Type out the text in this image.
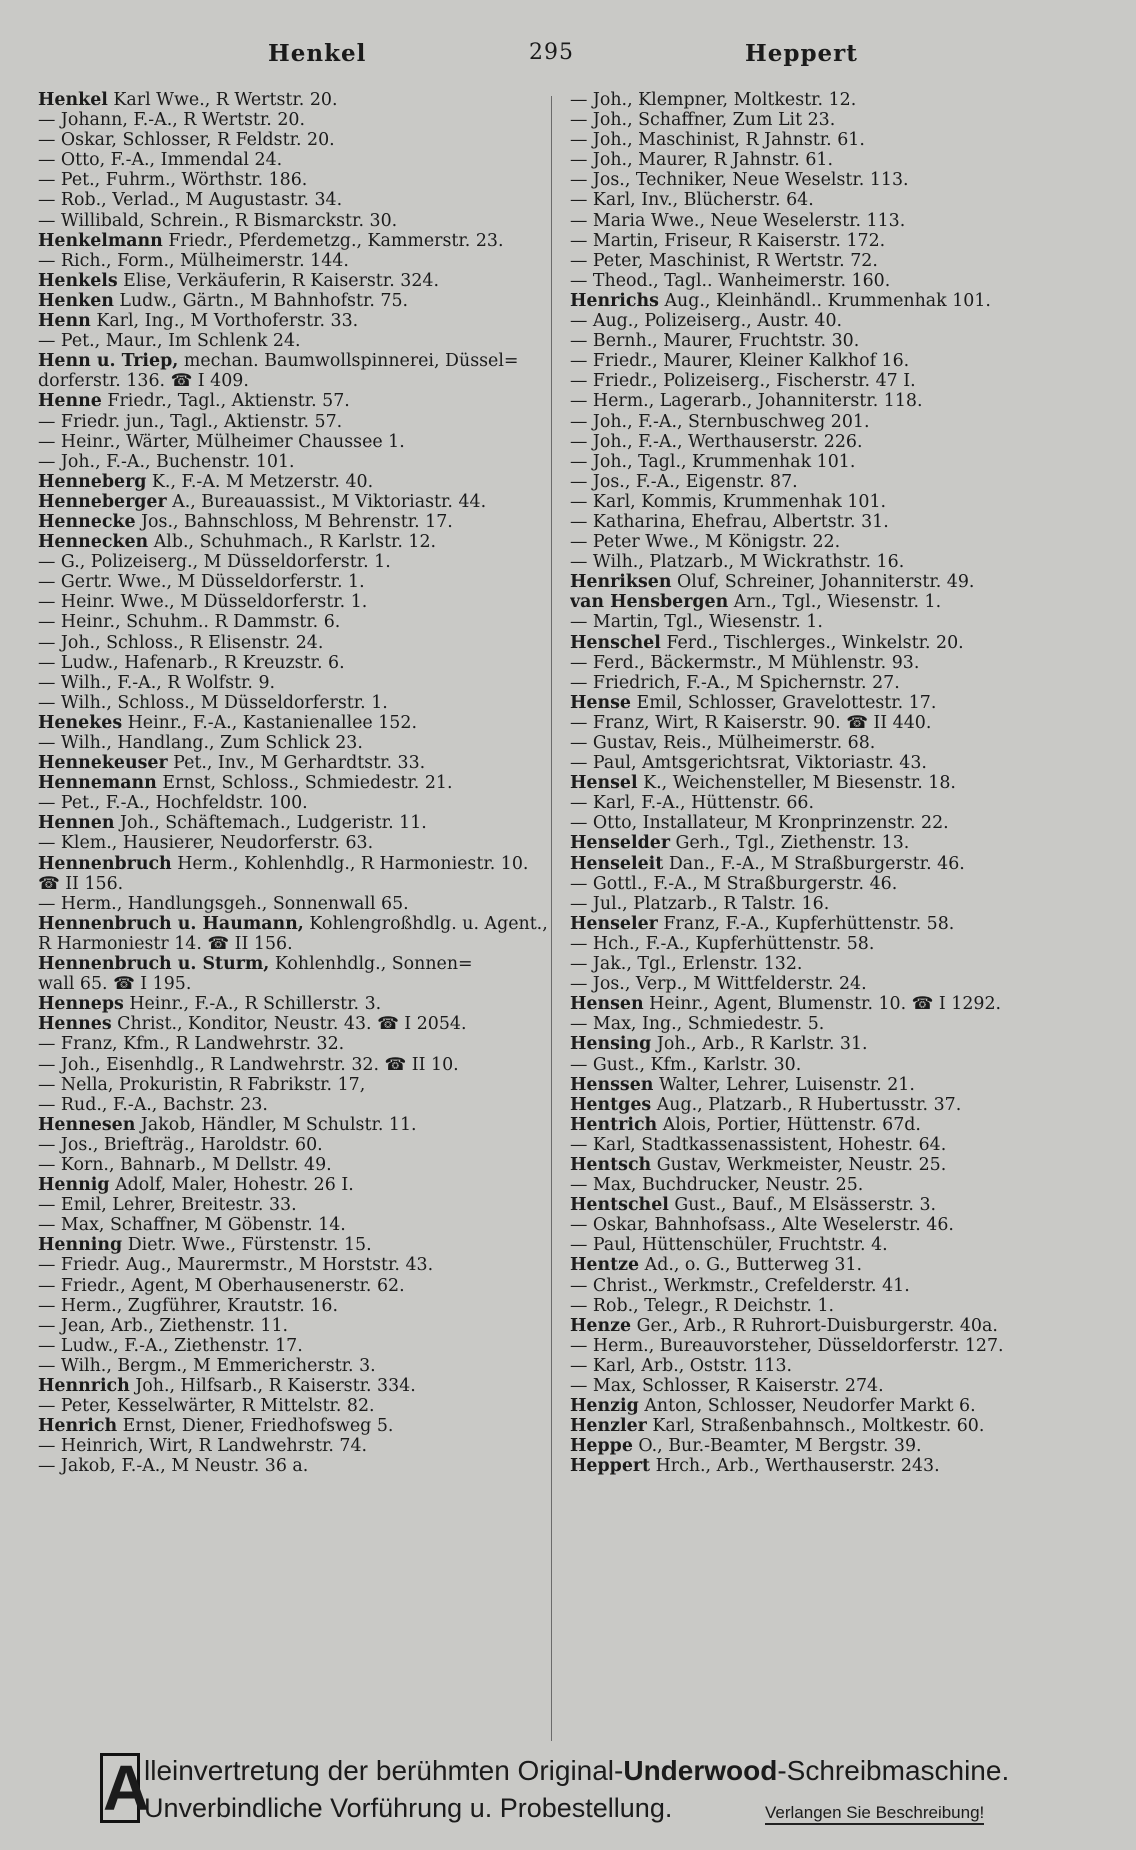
Henkel	295	Heppert
Henkel Karl Wwe., R Wertstr. 20.
— Johann, F.-A., R Wertstr. 20.
— Oskar, Schlosser, R Feldstr. 20.
— Otto, F.-A., Immendal 24.
— Pet., Fuhrm., Wörthstr. 186.
— Rob., Verlad., M Augustastr. 34.
— Willibald, Schrein., R Bismarckstr. 30.
Henkelmann Friedr., Pferdemetzg., Kammerstr. 23.
— Rich., Form., Mülheimerstr. 144.
Henkels Elise, Verkäuferin, R Kaiserstr. 324.
Henken Ludw., Gärtn., M Bahnhofstr. 75.
Henn Karl, Ing., M Vorthoferstr. 33.
— Pet., Maur., Im Schlenk 24.
Henn u. Triep, mechan. Baumwollspinnerei, Düssel=
dorferstr. 136. ☎ I 409.
Henne Friedr., Tagl., Aktienstr. 57.
— Friedr. jun., Tagl., Aktienstr. 57.
— Heinr., Wärter, Mülheimer Chaussee 1.
— Joh., F.-A., Buchenstr. 101.
Henneberg K., F.-A. M Metzerstr. 40.
Henneberger A., Bureauassist., M Viktoriastr. 44.
Hennecke Jos., Bahnschloss, M Behrenstr. 17.
Hennecken Alb., Schuhmach., R Karlstr. 12.
— G., Polizeiserg., M Düsseldorferstr. 1.
— Gertr. Wwe., M Düsseldorferstr. 1.
— Heinr. Wwe., M Düsseldorferstr. 1.
— Heinr., Schuhm.. R Dammstr. 6.
— Joh., Schloss., R Elisenstr. 24.
— Ludw., Hafenarb., R Kreuzstr. 6.
— Wilh., F.-A., R Wolfstr. 9.
— Wilh., Schloss., M Düsseldorferstr. 1.
Henekes Heinr., F.-A., Kastanienallee 152.
— Wilh., Handlang., Zum Schlick 23.
Hennekeuser Pet., Inv., M Gerhardtstr. 33.
Hennemann Ernst, Schloss., Schmiedestr. 21.
— Pet., F.-A., Hochfeldstr. 100.
Hennen Joh., Schäftemach., Ludgeristr. 11.
— Klem., Hausierer, Neudorferstr. 63.
Hennenbruch Herm., Kohlenhdlg., R Harmoniestr. 10.
☎ II 156.
— Herm., Handlungsgeh., Sonnenwall 65.
Hennenbruch u. Haumann, Kohlengroßhdlg. u. Agent.,
R Harmoniestr 14. ☎ II 156.
Hennenbruch u. Sturm, Kohlenhdlg., Sonnen=
wall 65. ☎ I 195.
Henneps Heinr., F.-A., R Schillerstr. 3.
Hennes Christ., Konditor, Neustr. 43. ☎ I 2054.
— Franz, Kfm., R Landwehrstr. 32.
— Joh., Eisenhdlg., R Landwehrstr. 32. ☎ II 10.
— Nella, Prokuristin, R Fabrikstr. 17,
— Rud., F.-A., Bachstr. 23.
Hennesen Jakob, Händler, M Schulstr. 11.
— Jos., Briefträg., Haroldstr. 60.
— Korn., Bahnarb., M Dellstr. 49.
Hennig Adolf, Maler, Hohestr. 26 I.
— Emil, Lehrer, Breitestr. 33.
— Max, Schaffner, M Göbenstr. 14.
Henning Dietr. Wwe., Fürstenstr. 15.
— Friedr. Aug., Maurermstr., M Horststr. 43.
— Friedr., Agent, M Oberhausenerstr. 62.
— Herm., Zugführer, Krautstr. 16.
— Jean, Arb., Ziethenstr. 11.
— Ludw., F.-A., Ziethenstr. 17.
— Wilh., Bergm., M Emmericherstr. 3.
Hennrich Joh., Hilfsarb., R Kaiserstr. 334.
— Peter, Kesselwärter, R Mittelstr. 82.
Henrich Ernst, Diener, Friedhofsweg 5.
— Heinrich, Wirt, R Landwehrstr. 74.
— Jakob, F.-A., M Neustr. 36 a.
— Joh., Klempner, Moltkestr. 12.
— Joh., Schaffner, Zum Lit 23.
— Joh., Maschinist, R Jahnstr. 61.
— Joh., Maurer, R Jahnstr. 61.
— Jos., Techniker, Neue Weselstr. 113.
— Karl, Inv., Blücherstr. 64.
— Maria Wwe., Neue Weselerstr. 113.
— Martin, Friseur, R Kaiserstr. 172.
— Peter, Maschinist, R Wertstr. 72.
— Theod., Tagl.. Wanheimerstr. 160.
Henrichs Aug., Kleinhändl.. Krummenhak 101.
— Aug., Polizeiserg., Austr. 40.
— Bernh., Maurer, Fruchtstr. 30.
— Friedr., Maurer, Kleiner Kalkhof 16.
— Friedr., Polizeiserg., Fischerstr. 47 I.
— Herm., Lagerarb., Johanniterstr. 118.
— Joh., F.-A., Sternbuschweg 201.
— Joh., F.-A., Werthauserstr. 226.
— Joh., Tagl., Krummenhak 101.
— Jos., F.-A., Eigenstr. 87.
— Karl, Kommis, Krummenhak 101.
— Katharina, Ehefrau, Albertstr. 31.
— Peter Wwe., M Königstr. 22.
— Wilh., Platzarb., M Wickrathstr. 16.
Henriksen Oluf, Schreiner, Johanniterstr. 49.
van Hensbergen Arn., Tgl., Wiesenstr. 1.
— Martin, Tgl., Wiesenstr. 1.
Henschel Ferd., Tischlerges., Winkelstr. 20.
— Ferd., Bäckermstr., M Mühlenstr. 93.
— Friedrich, F.-A., M Spichernstr. 27.
Hense Emil, Schlosser, Gravelottestr. 17.
— Franz, Wirt, R Kaiserstr. 90. ☎ II 440.
— Gustav, Reis., Mülheimerstr. 68.
— Paul, Amtsgerichtsrat, Viktoriastr. 43.
Hensel K., Weichensteller, M Biesenstr. 18.
— Karl, F.-A., Hüttenstr. 66.
— Otto, Installateur, M Kronprinzenstr. 22.
Henselder Gerh., Tgl., Ziethenstr. 13.
Henseleit Dan., F.-A., M Straßburgerstr. 46.
— Gottl., F.-A., M Straßburgerstr. 46.
— Jul., Platzarb., R Talstr. 16.
Henseler Franz, F.-A., Kupferhüttenstr. 58.
— Hch., F.-A., Kupferhüttenstr. 58.
— Jak., Tgl., Erlenstr. 132.
— Jos., Verp., M Wittfelderstr. 24.
Hensen Heinr., Agent, Blumenstr. 10. ☎ I 1292.
— Max, Ing., Schmiedestr. 5.
Hensing Joh., Arb., R Karlstr. 31.
— Gust., Kfm., Karlstr. 30.
Henssen Walter, Lehrer, Luisenstr. 21.
Hentges Aug., Platzarb., R Hubertusstr. 37.
Hentrich Alois, Portier, Hüttenstr. 67d.
— Karl, Stadtkassenassistent, Hohestr. 64.
Hentsch Gustav, Werkmeister, Neustr. 25.
— Max, Buchdrucker, Neustr. 25.
Hentschel Gust., Bauf., M Elsässerstr. 3.
— Oskar, Bahnhofsass., Alte Weselerstr. 46.
— Paul, Hüttenschüler, Fruchtstr. 4.
Hentze Ad., o. G., Butterweg 31.
— Christ., Werkmstr., Crefelderstr. 41.
— Rob., Telegr., R Deichstr. 1.
Henze Ger., Arb., R Ruhrort-Duisburgerstr. 40a.
— Herm., Bureauvorsteher, Düsseldorferstr. 127.
— Karl, Arb., Oststr. 113.
— Max, Schlosser, R Kaiserstr. 274.
Henzig Anton, Schlosser, Neudorfer Markt 6.
Henzler Karl, Straßenbahnsch., Moltkestr. 60.
Heppe O., Bur.-Beamter, M Bergstr. 39.
Heppert Hrch., Arb., Werthauserstr. 243.
A
lleinvertretung der berühmten Original-Underwood-Schreibmaschine.
Unverbindliche Vorführung u. Probestellung.	Verlangen Sie Beschreibung!
